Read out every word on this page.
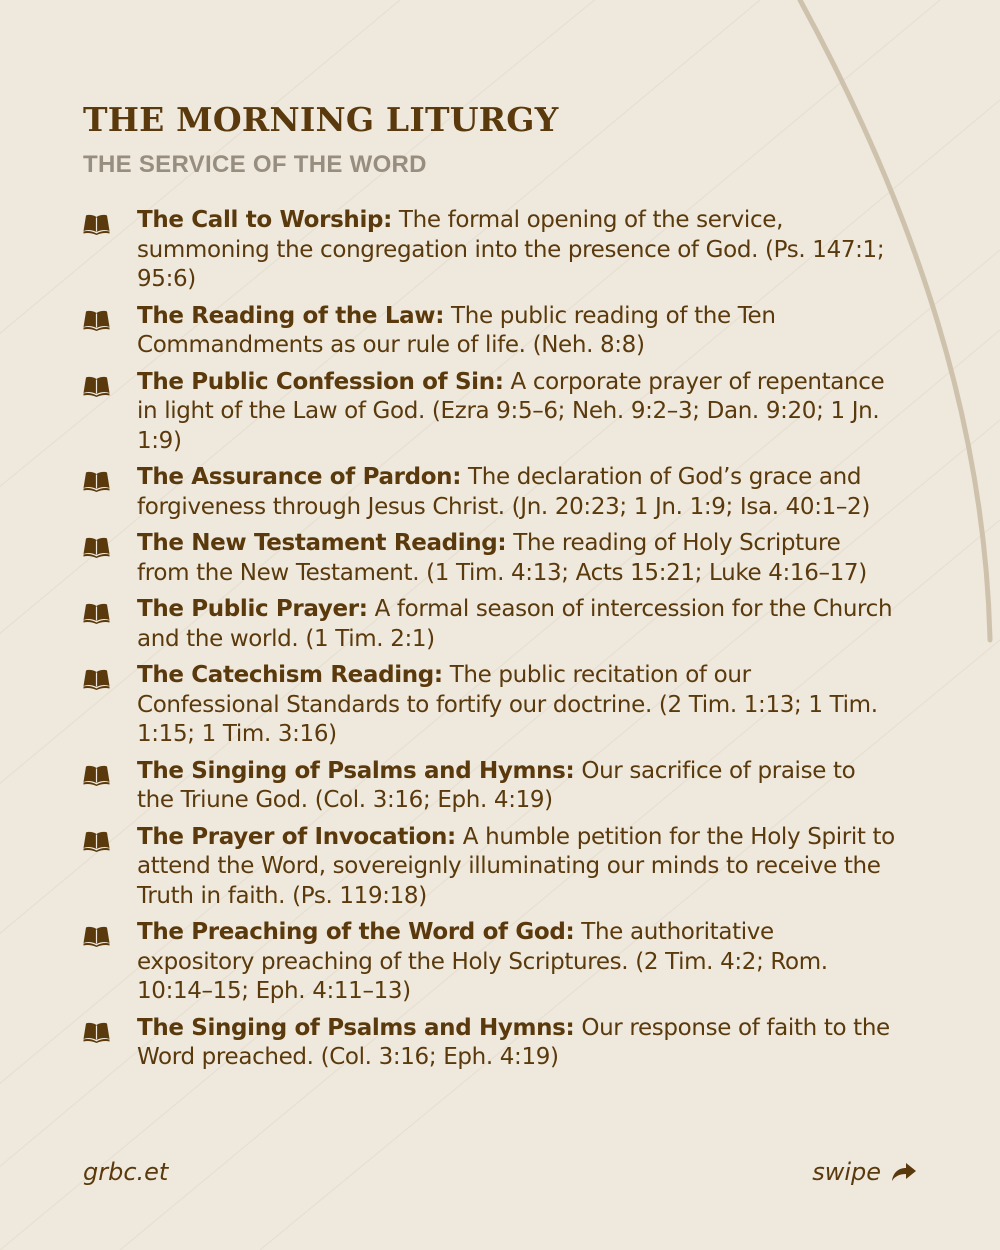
THE MORNING LITURGY
THE SERVICE OF THE WORD
The Call to Worship: The formal opening of the service, summoning the congregation into the presence of God. (Ps. 147:1; 95:6)
The Reading of the Law: The public reading of the Ten Commandments as our rule of life. (Neh. 8:8)
The Public Confession of Sin: A corporate prayer of repentance in light of the Law of God. (Ezra 9:5–6; Neh. 9:2–3; Dan. 9:20; 1 Jn. 1:9)
The Assurance of Pardon: The declaration of God’s grace and forgiveness through Jesus Christ. (Jn. 20:23; 1 Jn. 1:9; Isa. 40:1–2)
The New Testament Reading: The reading of Holy Scripture from the New Testament. (1 Tim. 4:13; Acts 15:21; Luke 4:16–17)
The Public Prayer: A formal season of intercession for the Church and the world. (1 Tim. 2:1)
The Catechism Reading: The public recitation of our Confessional Standards to fortify our doctrine. (2 Tim. 1:13; 1 Tim. 1:15; 1 Tim. 3:16)
The Singing of Psalms and Hymns: Our sacrifice of praise to the Triune God. (Col. 3:16; Eph. 4:19)
The Prayer of Invocation: A humble petition for the Holy Spirit to attend the Word, sovereignly illuminating our minds to receive the Truth in faith. (Ps. 119:18)
The Preaching of the Word of God: The authoritative expository preaching of the Holy Scriptures. (2 Tim. 4:2; Rom. 10:14–15; Eph. 4:11–13)
The Singing of Psalms and Hymns: Our response of faith to the Word preached. (Col. 3:16; Eph. 4:19)
grbc.et	swipe
